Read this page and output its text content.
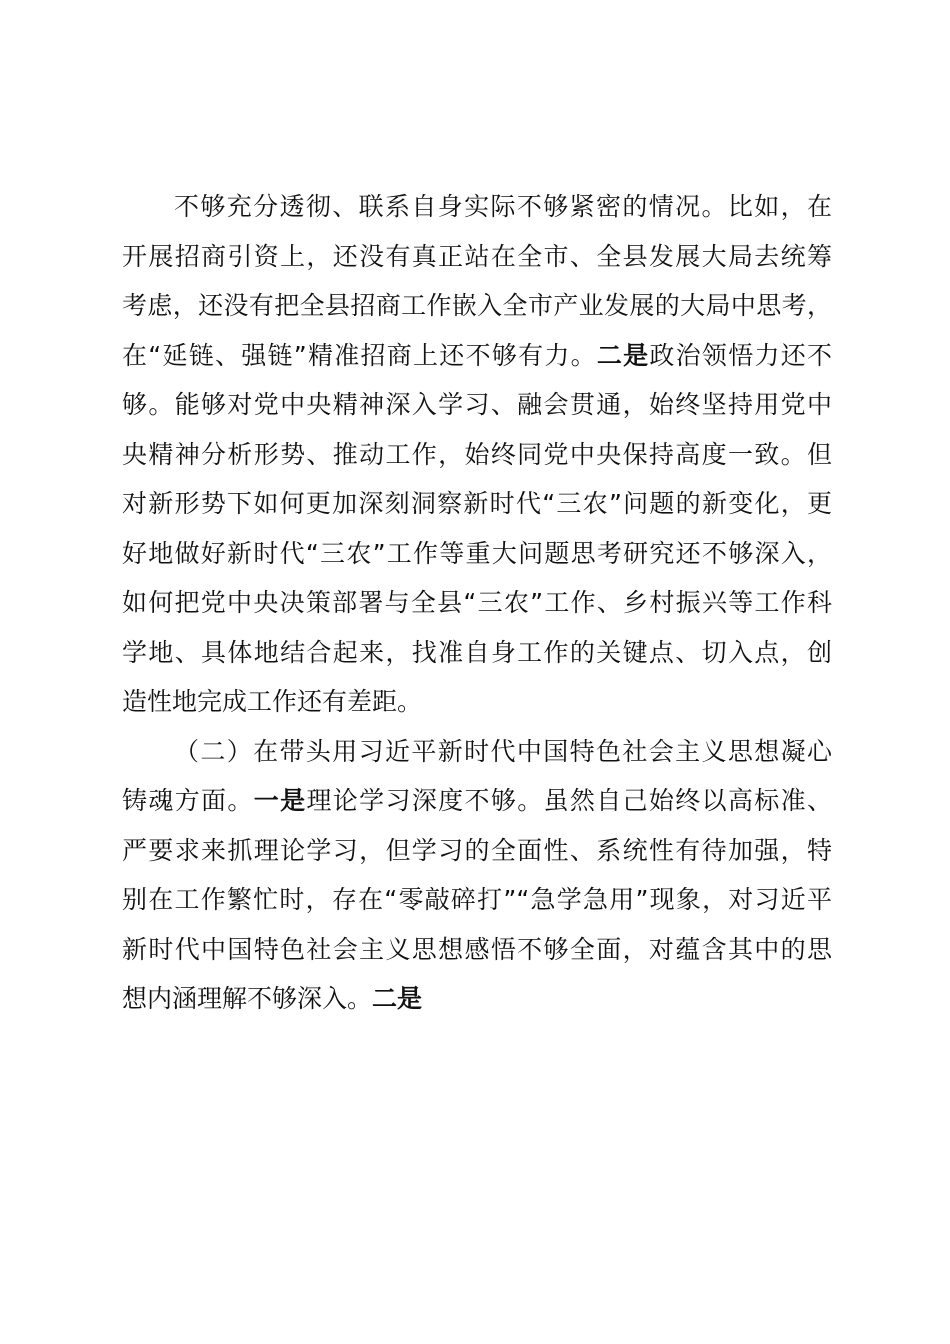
不够充分透彻、联系自身实际不够紧密的情况。比如，在
开展招商引资上，还没有真正站在全市、全县发展大局去统筹
考虑，还没有把全县招商工作嵌入全市产业发展的大局中思考，
在“延链、强链”精准招商上还不够有力。二是政治领悟力还不
够。能够对党中央精神深入学习、融会贯通，始终坚持用党中
央精神分析形势、推动工作，始终同党中央保持高度一致。但
对新形势下如何更加深刻洞察新时代“三农”问题的新变化，更
好地做好新时代“三农”工作等重大问题思考研究还不够深入，
如何把党中央决策部署与全县“三农”工作、乡村振兴等工作科
学地、具体地结合起来，找准自身工作的关键点、切入点，创
造性地完成工作还有差距。
（二）在带头用习近平新时代中国特色社会主义思想凝心
铸魂方面。一是理论学习深度不够。虽然自己始终以高标准、
严要求来抓理论学习，但学习的全面性、系统性有待加强，特
别在工作繁忙时，存在“零敲碎打”“急学急用”现象，对习近平
新时代中国特色社会主义思想感悟不够全面，对蕴含其中的思
想内涵理解不够深入。二是
